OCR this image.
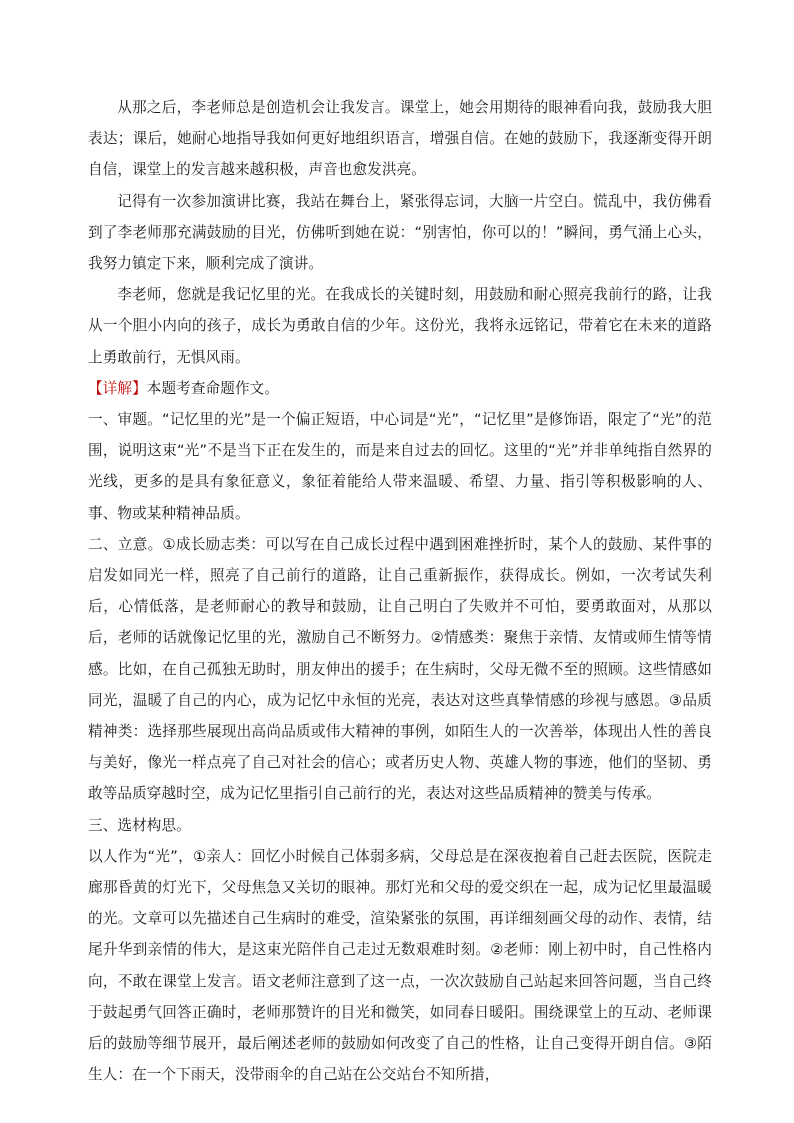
从那之后，李老师总是创造机会让我发言。课堂上，她会用期待的眼神看向我，鼓励我大胆表达；课后，她耐心地指导我如何更好地组织语言，增强自信。在她的鼓励下，我逐渐变得开朗自信，课堂上的发言越来越积极，声音也愈发洪亮。

记得有一次参加演讲比赛，我站在舞台上，紧张得忘词，大脑一片空白。慌乱中，我仿佛看到了李老师那充满鼓励的目光，仿佛听到她在说：“别害怕，你可以的！”瞬间，勇气涌上心头，我努力镇定下来，顺利完成了演讲。

李老师，您就是我记忆里的光。在我成长的关键时刻，用鼓励和耐心照亮我前行的路，让我从一个胆小内向的孩子，成长为勇敢自信的少年。这份光，我将永远铭记，带着它在未来的道路上勇敢前行，无惧风雨。

【详解】本题考查命题作文。

一、审题。“记忆里的光”是一个偏正短语，中心词是“光”，“记忆里”是修饰语，限定了“光”的范围，说明这束“光”不是当下正在发生的，而是来自过去的回忆。这里的“光”并非单纯指自然界的光线，更多的是具有象征意义，象征着能给人带来温暖、希望、力量、指引等积极影响的人、事、物或某种精神品质。

二、立意。①成长励志类：可以写在自己成长过程中遇到困难挫折时，某个人的鼓励、某件事的启发如同光一样，照亮了自己前行的道路，让自己重新振作，获得成长。例如，一次考试失利后，心情低落，是老师耐心的教导和鼓励，让自己明白了失败并不可怕，要勇敢面对，从那以后，老师的话就像记忆里的光，激励自己不断努力。②情感类：聚焦于亲情、友情或师生情等情感。比如，在自己孤独无助时，朋友伸出的援手；在生病时，父母无微不至的照顾。这些情感如同光，温暖了自己的内心，成为记忆中永恒的光亮，表达对这些真挚情感的珍视与感恩。③品质精神类：选择那些展现出高尚品质或伟大精神的事例，如陌生人的一次善举，体现出人性的善良与美好，像光一样点亮了自己对社会的信心；或者历史人物、英雄人物的事迹，他们的坚韧、勇敢等品质穿越时空，成为记忆里指引自己前行的光，表达对这些品质精神的赞美与传承。

三、选材构思。

以人作为“光”，①亲人：回忆小时候自己体弱多病，父母总是在深夜抱着自己赶去医院，医院走廊那昏黄的灯光下，父母焦急又关切的眼神。那灯光和父母的爱交织在一起，成为记忆里最温暖的光。文章可以先描述自己生病时的难受，渲染紧张的氛围，再详细刻画父母的动作、表情，结尾升华到亲情的伟大，是这束光陪伴自己走过无数艰难时刻。②老师：刚上初中时，自己性格内向，不敢在课堂上发言。语文老师注意到了这一点，一次次鼓励自己站起来回答问题，当自己终于鼓起勇气回答正确时，老师那赞许的目光和微笑，如同春日暖阳。围绕课堂上的互动、老师课后的鼓励等细节展开，最后阐述老师的鼓励如何改变了自己的性格，让自己变得开朗自信。③陌生人：在一个下雨天，没带雨伞的自己站在公交站台不知所措，
